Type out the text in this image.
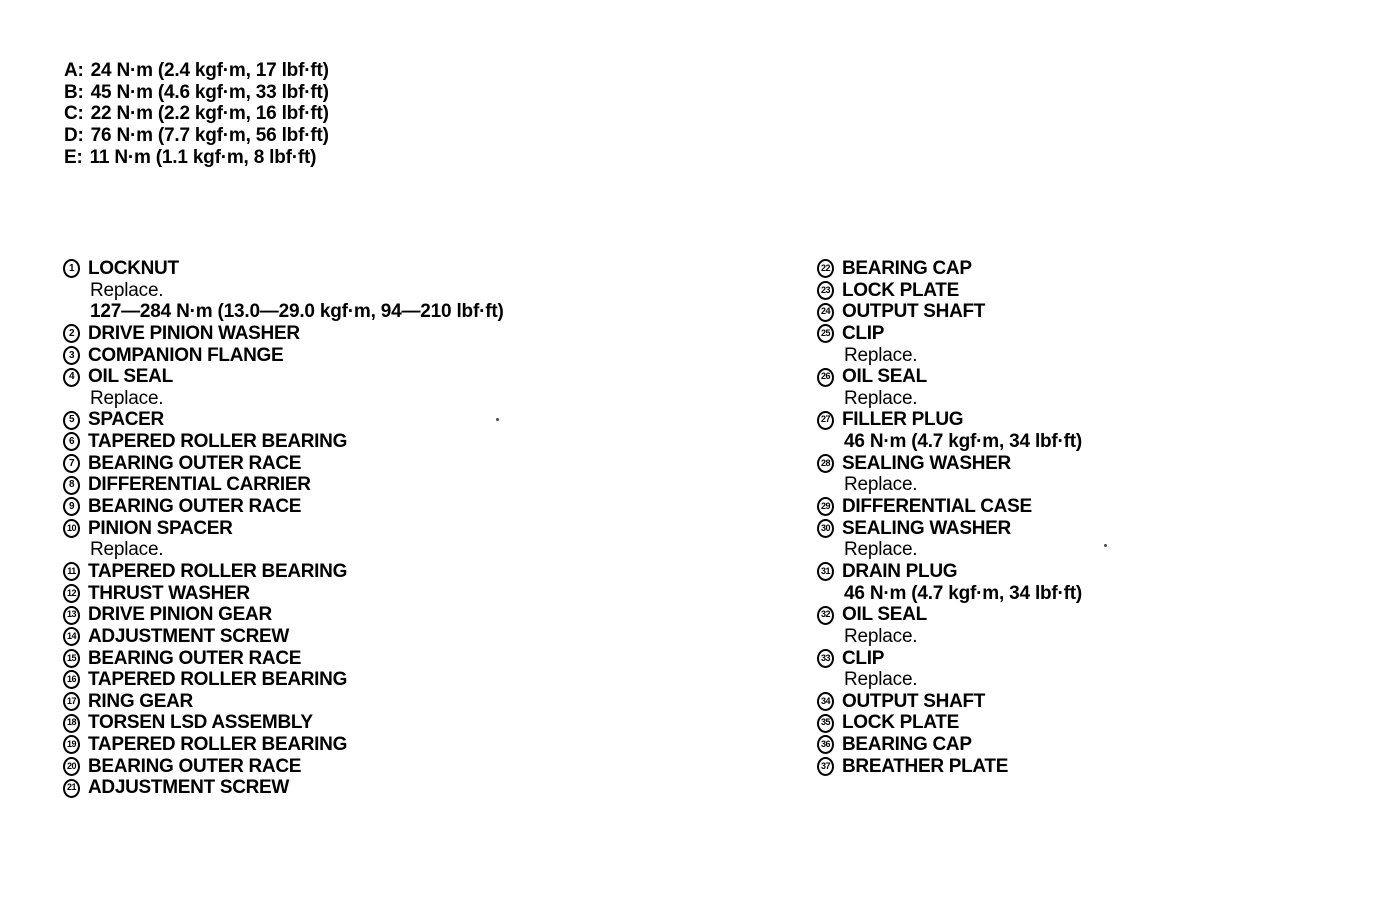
A: 24 N·m (2.4 kgf·m, 17 lbf·ft)
B: 45 N·m (4.6 kgf·m, 33 lbf·ft)
C: 22 N·m (2.2 kgf·m, 16 lbf·ft)
D: 76 N·m (7.7 kgf·m, 56 lbf·ft)
E: 11 N·m (1.1 kgf·m, 8 lbf·ft)
1 LOCKNUT
Replace.
127—284 N·m (13.0—29.0 kgf·m, 94—210 lbf·ft)
2 DRIVE PINION WASHER
3 COMPANION FLANGE
4 OIL SEAL
Replace.
5 SPACER
6 TAPERED ROLLER BEARING
7 BEARING OUTER RACE
8 DIFFERENTIAL CARRIER
9 BEARING OUTER RACE
10 PINION SPACER
Replace.
11 TAPERED ROLLER BEARING
12 THRUST WASHER
13 DRIVE PINION GEAR
14 ADJUSTMENT SCREW
15 BEARING OUTER RACE
16 TAPERED ROLLER BEARING
17 RING GEAR
18 TORSEN LSD ASSEMBLY
19 TAPERED ROLLER BEARING
20 BEARING OUTER RACE
21 ADJUSTMENT SCREW
22 BEARING CAP
23 LOCK PLATE
24 OUTPUT SHAFT
25 CLIP
Replace.
26 OIL SEAL
Replace.
27 FILLER PLUG
46 N·m (4.7 kgf·m, 34 lbf·ft)
28 SEALING WASHER
Replace.
29 DIFFERENTIAL CASE
30 SEALING WASHER
Replace.
31 DRAIN PLUG
46 N·m (4.7 kgf·m, 34 lbf·ft)
32 OIL SEAL
Replace.
33 CLIP
Replace.
34 OUTPUT SHAFT
35 LOCK PLATE
36 BEARING CAP
37 BREATHER PLATE
